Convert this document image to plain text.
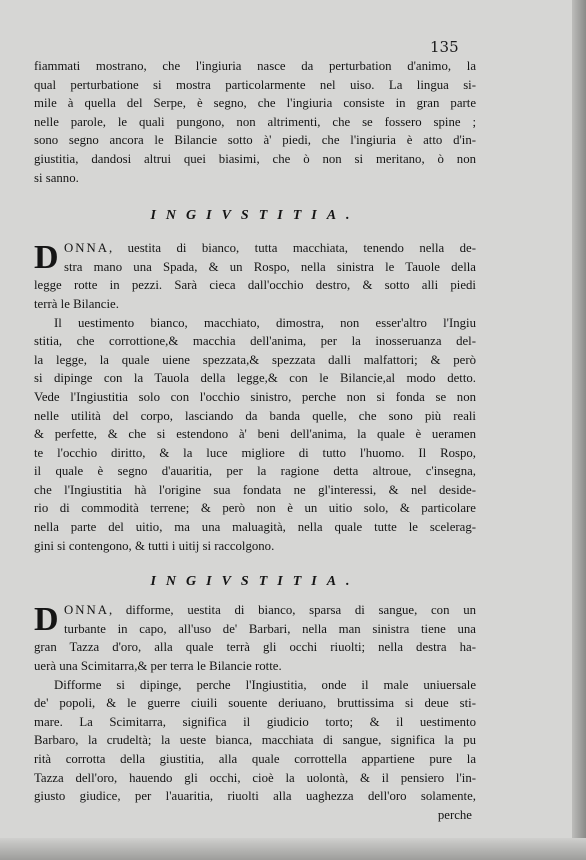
135
fiammati mostrano, che l'ingiuria nasce da perturbation d'animo, la
qual perturbatione si mostra particolarmente nel uiso. La lingua si-
mile à quella del Serpe, è segno, che l'ingiuria consiste in gran parte
nelle parole, le quali pungono, non altrimenti, che se fossero spine ;
sono segno ancora le Bilancie sotto à' piedi, che l'ingiuria è atto d'in-
giustitia, dandosi altrui quei biasimi, che ò non si meritano, ò non
si sanno.
INGIVSTITIA.
D ONNA, uestita di bianco, tutta macchiata, tenendo nella de-
stra mano una Spada, & un Rospo, nella sinistra le Tauole della
legge rotte in pezzi. Sarà cieca dall'occhio destro, & sotto alli piedi
terrà le Bilancie.
Il uestimento bianco, macchiato, dimostra, non esser'altro l'Ingiu
stitia, che corrottione,& macchia dell'anima, per la inosseruanza del-
la legge, la quale uiene spezzata,& spezzata dalli malfattori; & però
si dipinge con la Tauola della legge,& con le Bilancie,al modo detto.
Vede l'Ingiustitia solo con l'occhio sinistro, perche non si fonda se non
nelle utilità del corpo, lasciando da banda quelle, che sono più reali
& perfette, & che si estendono à' beni dell'anima, la quale è ueramen
te l'occhio diritto, & la luce migliore di tutto l'huomo. Il Rospo,
il quale è segno d'auaritia, per la ragione detta altroue, c'insegna,
che l'Ingiustitia hà l'origine sua fondata ne gl'interessi, & nel deside-
rio di commodità terrene; & però non è un uitio solo, & particolare
nella parte del uitio, ma una maluagità, nella quale tutte le scelerag-
gini si contengono, & tutti i uitij si raccolgono.
INGIVSTITIA.
D ONNA, difforme, uestita di bianco, sparsa di sangue, con un
turbante in capo, all'uso de' Barbari, nella man sinistra tiene una
gran Tazza d'oro, alla quale terrà gli occhi riuolti; nella destra ha-
uerà una Scimitarra,& per terra le Bilancie rotte.
Difforme si dipinge, perche l'Ingiustitia, onde il male uniuersale
de' popoli, & le guerre ciuili souente deriuano, bruttissima si deue sti-
mare. La Scimitarra, significa il giudicio torto; & il uestimento
Barbaro, la crudeltà; la ueste bianca, macchiata di sangue, significa la pu
rità corrotta della giustitia, alla quale corrottella appartiene pure la
Tazza dell'oro, hauendo gli occhi, cioè la uolontà, & il pensiero l'in-
giusto giudice, per l'auaritia, riuolti alla uaghezza dell'oro solamente,
perche
